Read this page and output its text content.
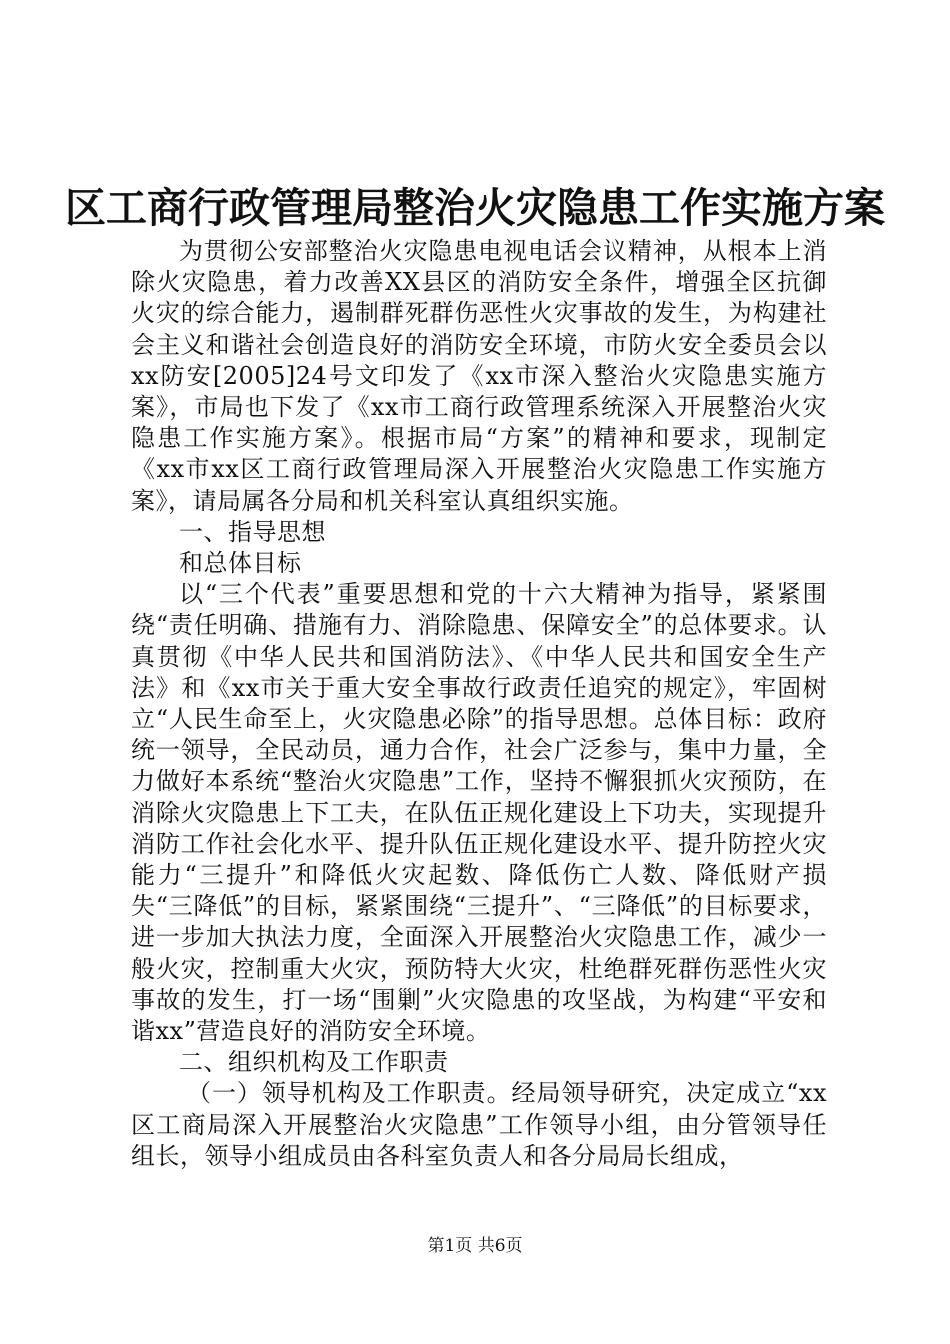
区工商行政管理局整治火灾隐患工作实施方案

为贯彻公安部整治火灾隐患电视电话会议精神，从根本上消除火灾隐患，着力改善XX县区的消防安全条件，增强全区抗御火灾的综合能力，遏制群死群伤恶性火灾事故的发生，为构建社会主义和谐社会创造良好的消防安全环境，市防火安全委员会以xx防安[2005]24号文印发了《xx市深入整治火灾隐患实施方案》，市局也下发了《xx市工商行政管理系统深入开展整治火灾隐患工作实施方案》。根据市局“方案”的精神和要求，现制定《xx市xx区工商行政管理局深入开展整治火灾隐患工作实施方案》，请局属各分局和机关科室认真组织实施。

一、指导思想

和总体目标

以“三个代表”重要思想和党的十六大精神为指导，紧紧围绕“责任明确、措施有力、消除隐患、保障安全”的总体要求。认真贯彻《中华人民共和国消防法》、《中华人民共和国安全生产法》和《xx市关于重大安全事故行政责任追究的规定》，牢固树立“人民生命至上，火灾隐患必除”的指导思想。总体目标：政府统一领导，全民动员，通力合作，社会广泛参与，集中力量，全力做好本系统“整治火灾隐患”工作，坚持不懈狠抓火灾预防，在消除火灾隐患上下工夫，在队伍正规化建设上下功夫，实现提升消防工作社会化水平、提升队伍正规化建设水平、提升防控火灾能力“三提升”和降低火灾起数、降低伤亡人数、降低财产损失“三降低”的目标，紧紧围绕“三提升”、“三降低”的目标要求，进一步加大执法力度，全面深入开展整治火灾隐患工作，减少一般火灾，控制重大火灾，预防特大火灾，杜绝群死群伤恶性火灾事故的发生，打一场“围剿”火灾隐患的攻坚战，为构建“平安和谐xx”营造良好的消防安全环境。

二、组织机构及工作职责

（一）领导机构及工作职责。经局领导研究，决定成立“xx区工商局深入开展整治火灾隐患”工作领导小组，由分管领导任组长，领导小组成员由各科室负责人和各分局局长组成，

第1页 共6页
